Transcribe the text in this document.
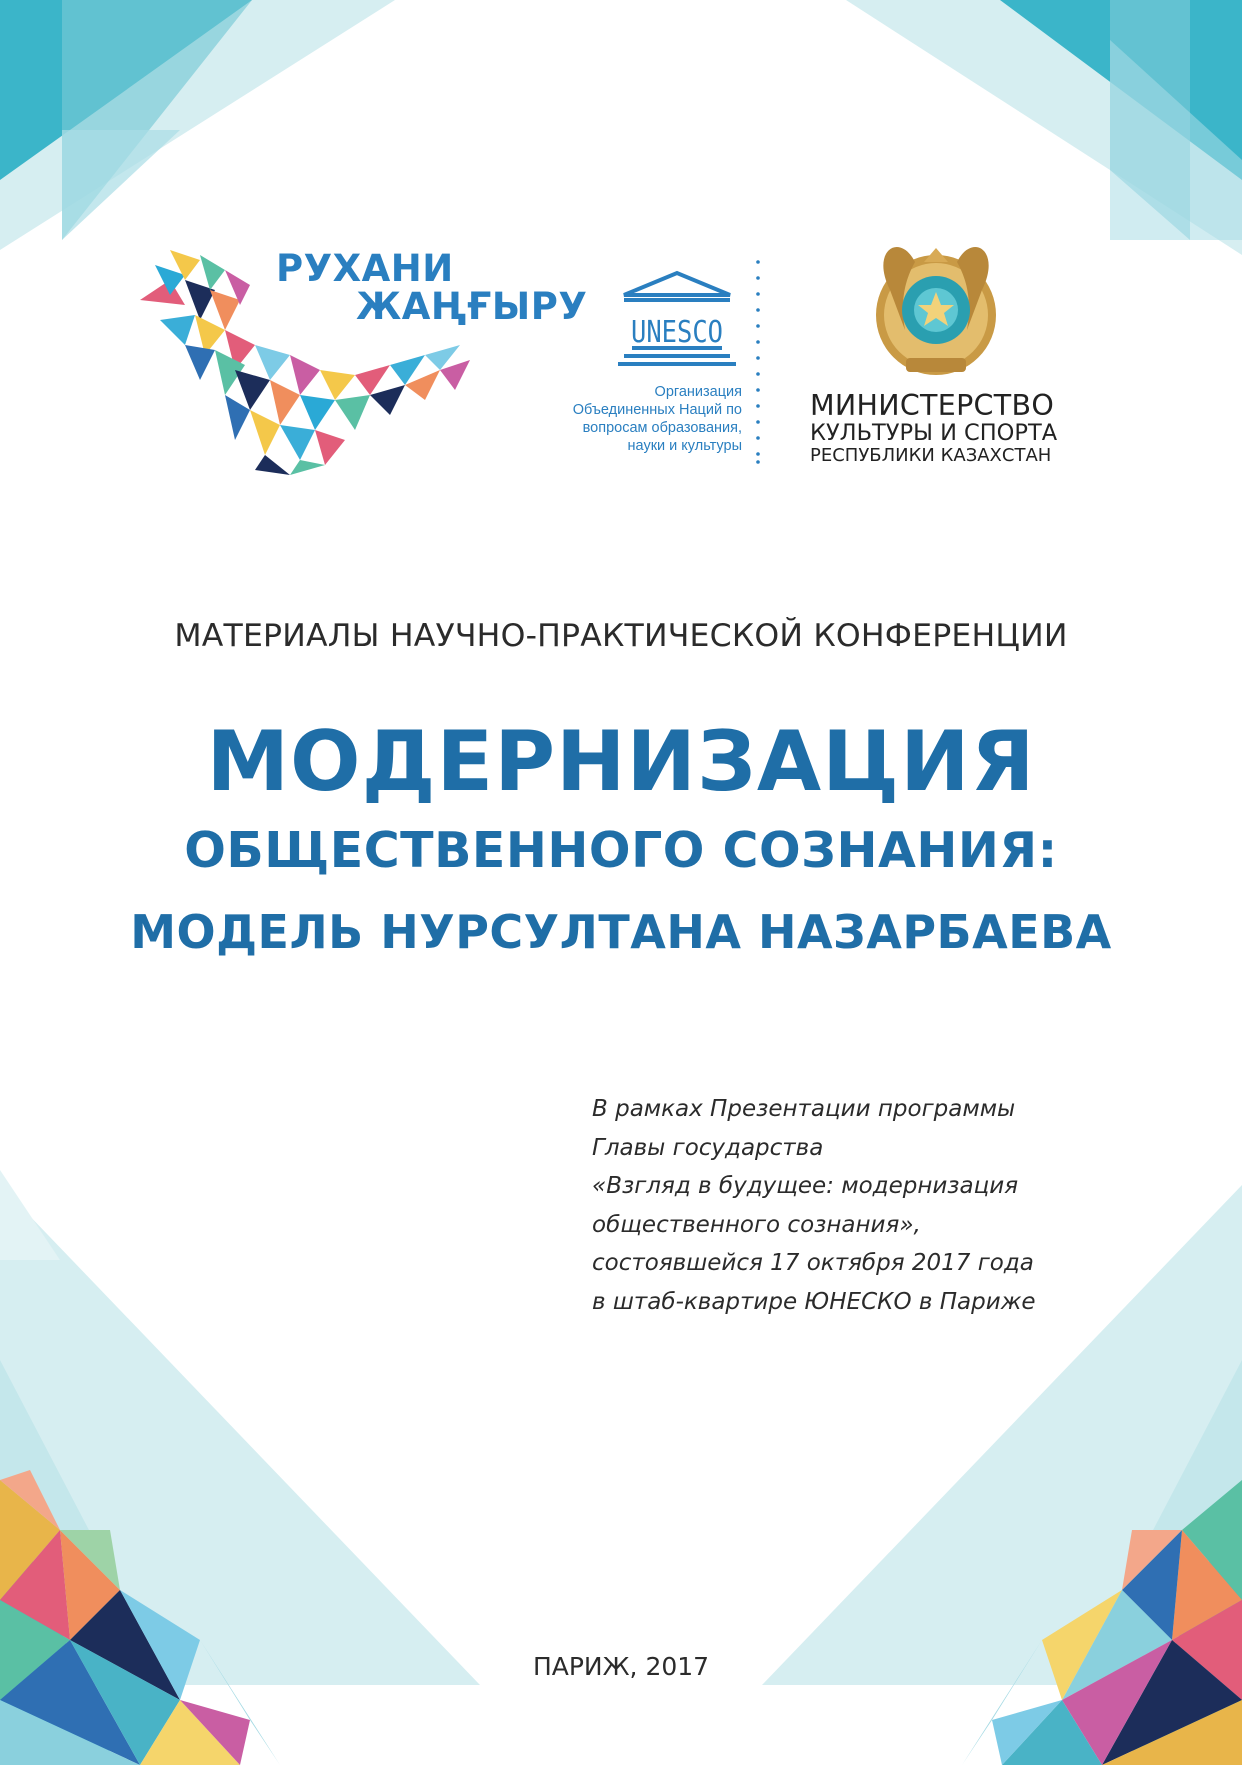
РУХАНИ
ЖАҢҒЫРУ
UNESCO
Организация
Объединенных Наций по
вопросам образования,
науки и культуры
МИНИСТЕРСТВО
КУЛЬТУРЫ И СПОРТА
РЕСПУБЛИКИ КАЗАХСТАН
МАТЕРИАЛЫ НАУЧНО-ПРАКТИЧЕСКОЙ КОНФЕРЕНЦИИ
МОДЕРНИЗАЦИЯ
ОБЩЕСТВЕННОГО СОЗНАНИЯ:
МОДЕЛЬ НУРСУЛТАНА НАЗАРБАЕВА
В рамках Презентации программы
Главы государства
«Взгляд в будущее: модернизация
общественного сознания»,
состоявшейся 17 октября 2017 года
в штаб-квартире ЮНЕСКО в Париже
ПАРИЖ, 2017
